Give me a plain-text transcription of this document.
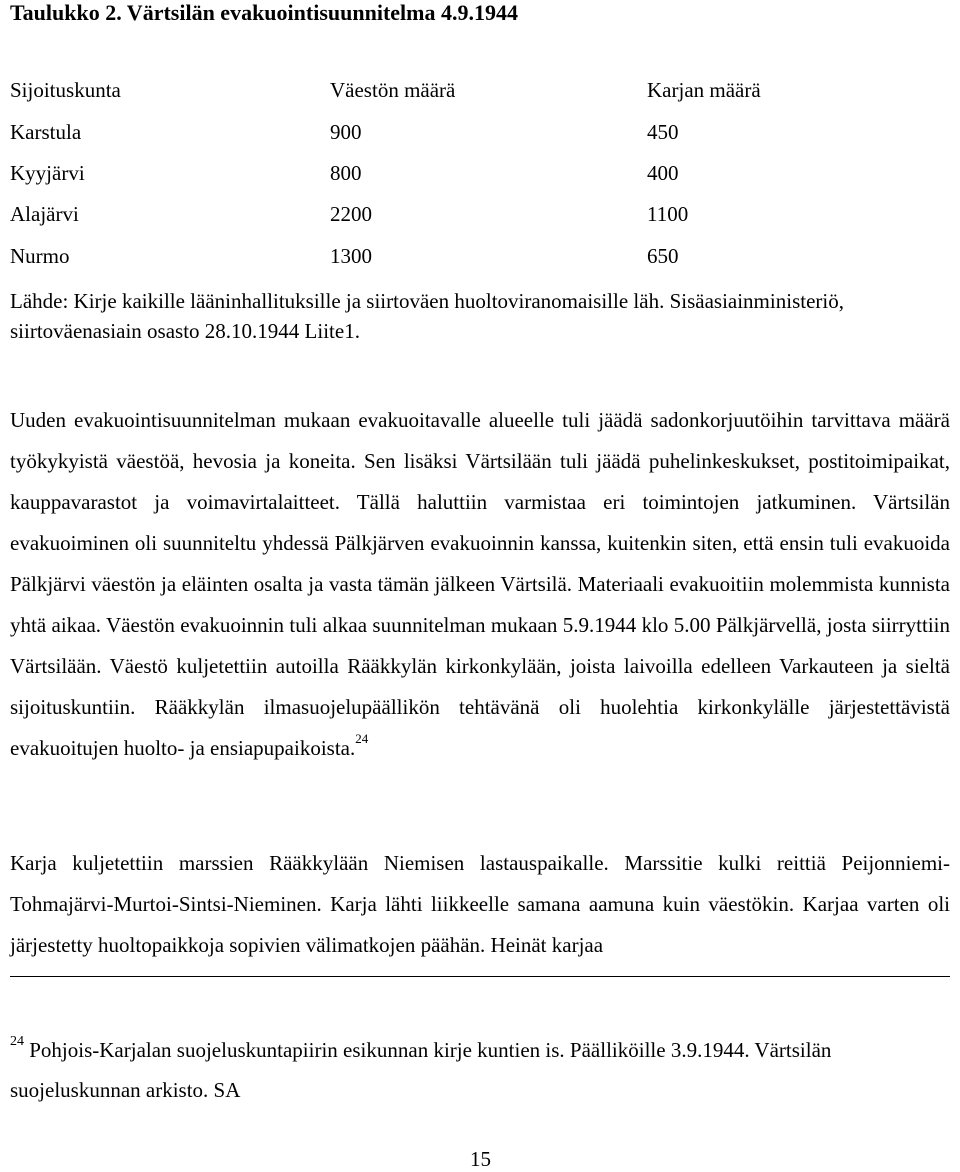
Taulukko 2. Värtsilän evakuointisuunnitelma 4.9.1944
Sijoituskunta	Väestön määrä	Karjan määrä
Karstula	900	450
Kyyjärvi	800	400
Alajärvi	2200	1100
Nurmo	1300	650
Lähde: Kirje kaikille lääninhallituksille ja siirtoväen huoltoviranomaisille läh. Sisäasiainministeriö, siirtoväenasiain osasto 28.10.1944 Liite1.

Uuden evakuointisuunnitelman mukaan evakuoitavalle alueelle tuli jäädä sadonkorjuutöihin tarvittava määrä työkykyistä väestöä, hevosia ja koneita. Sen lisäksi Värtsilään tuli jäädä puhelinkeskukset, postitoimipaikat, kauppavarastot ja voimavirtalaitteet. Tällä haluttiin varmistaa eri toimintojen jatkuminen. Värtsilän evakuoiminen oli suunniteltu yhdessä Pälkjärven evakuoinnin kanssa, kuitenkin siten, että ensin tuli evakuoida Pälkjärvi väestön ja eläinten osalta ja vasta tämän jälkeen Värtsilä. Materiaali evakuoitiin molemmista kunnista yhtä aikaa. Väestön evakuoinnin tuli alkaa suunnitelman mukaan 5.9.1944 klo 5.00 Pälkjärvellä, josta siirryttiin Värtsilään. Väestö kuljetettiin autoilla Rääkkylän kirkonkylään, joista laivoilla edelleen Varkauteen ja sieltä sijoituskuntiin. Rääkkylän ilmasuojelupäällikön tehtävänä oli huolehtia kirkonkylälle järjestettävistä evakuoitujen huolto- ja ensiapupaikoista.$^{24}$

Karja kuljetettiin marssien Rääkkylään Niemisen lastauspaikalle. Marssitie kulki reittiä Peijonniemi-Tohmajärvi-Murtoi-Sintsi-Nieminen. Karja lähti liikkeelle samana aamuna kuin väestökin. Karjaa varten oli järjestetty huoltopaikkoja sopivien välimatkojen päähän. Heinät karjaa

$^{24}$ Pohjois-Karjalan suojeluskuntapiirin esikunnan kirje kuntien is. Päälliköille 3.9.1944. Värtsilän suojeluskunnan arkisto. SA

15
